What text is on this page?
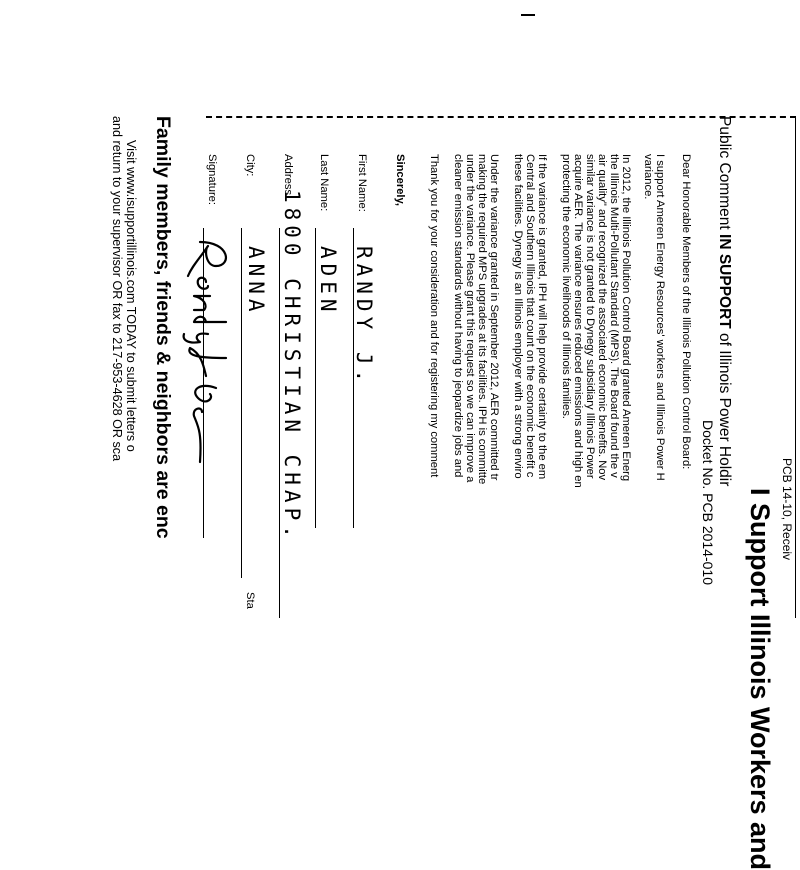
PCB 14-10, Receiv
I Support Illinois Workers and
Public Comment IN SUPPORT of Illinois Power Holdir
Docket No. PCB 2014-010
Dear Honorable Members of the Illinois Pollution Control Board:
I support Ameren Energy Resources' workers and Illinois Power H
variance.
In 2012, the Illinois Pollution Control Board granted Ameren Energ
the Illinois Multi-Pollutant Standard (MPS). The Board found the v
air quality" and recognized the associated economic benefits. Nov
similar variance is not granted to Dynegy subsidiary Illinois Power
acquire AER. The variance ensures reduced emissions and high en
protecting the economic livelihoods of Illinois families.
If the variance is granted, IPH will help provide certainty to the em
Central and Southern Illinois that count on the economic benefit c
these facilities. Dynegy is an Illinois employer with a strong enviro
Under the variance granted in September 2012, AER committed tr
making the required MPS upgrades at its facilities. IPH is committe
under the variance. Please grant this request so we can improve a
cleaner emission standards without having to jeopardize jobs and
Thank you for your consideration and for registering my comment
Sincerely,
First Name:
RANDY J.
Last Name:
ADEN
Address:
1800 CHRISTIAN CHAP.
City:
ANNA
Sta
Signature:
Family members, friends & neighbors are enc
Visit www.isupportillinois.com TODAY to submit letters o
and return to your supervisor OR fax to 217-953-4628 OR sca
